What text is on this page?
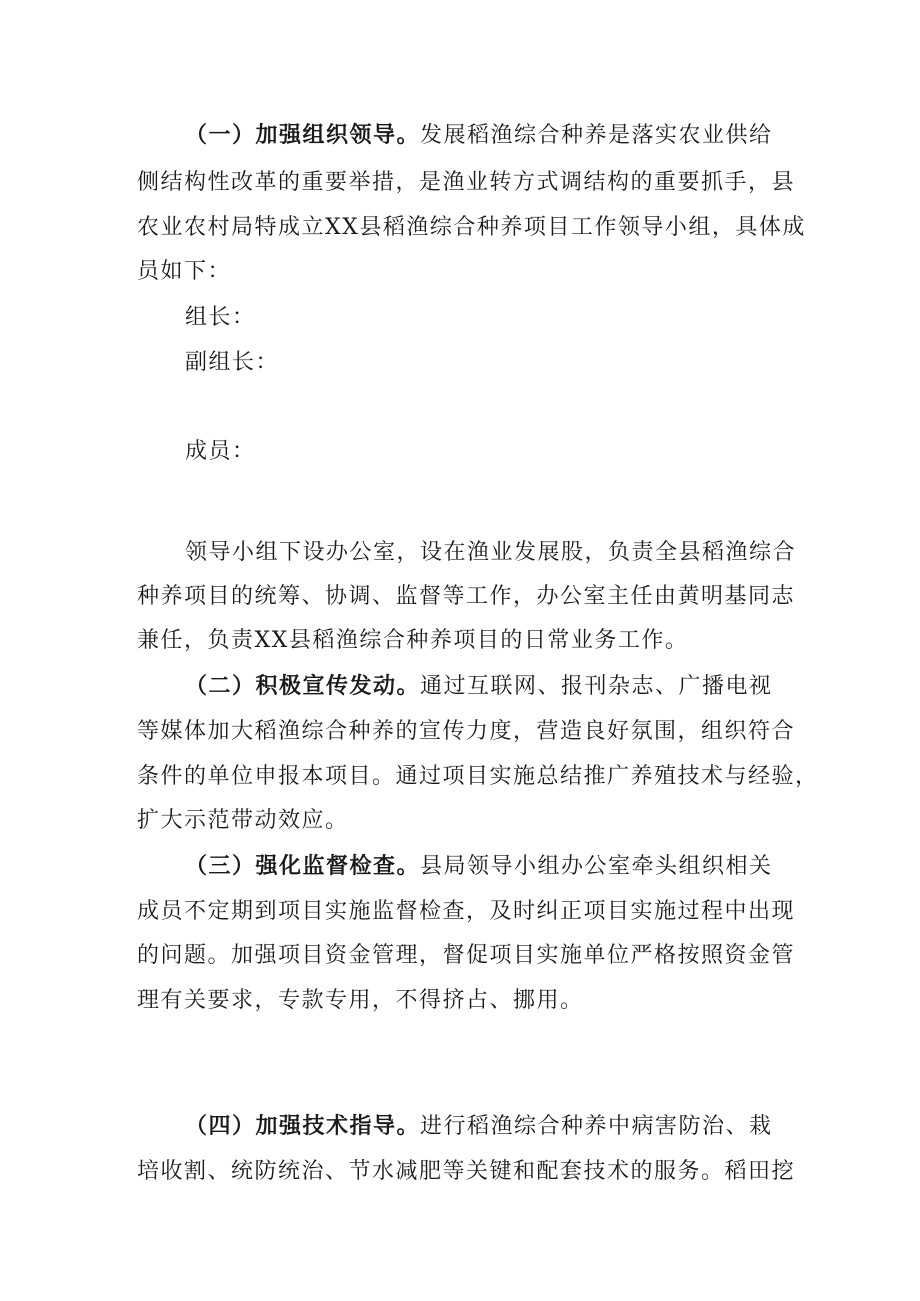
（一）加强组织领导。发展稻渔综合种养是落实农业供给
侧结构性改革的重要举措，是渔业转方式调结构的重要抓手，县
农业农村局特成立XX县稻渔综合种养项目工作领导小组，具体成
员如下：
组长：
副组长：
成员：
领导小组下设办公室，设在渔业发展股，负责全县稻渔综合
种养项目的统筹、协调、监督等工作，办公室主任由黄明基同志
兼任，负责XX县稻渔综合种养项目的日常业务工作。
（二）积极宣传发动。通过互联网、报刊杂志、广播电视
等媒体加大稻渔综合种养的宣传力度，营造良好氛围，组织符合
条件的单位申报本项目。通过项目实施总结推广养殖技术与经验，
扩大示范带动效应。
（三）强化监督检查。县局领导小组办公室牵头组织相关
成员不定期到项目实施监督检查，及时纠正项目实施过程中出现
的问题。加强项目资金管理，督促项目实施单位严格按照资金管
理有关要求，专款专用，不得挤占、挪用。
（四）加强技术指导。进行稻渔综合种养中病害防治、栽
培收割、统防统治、节水减肥等关键和配套技术的服务。稻田挖
